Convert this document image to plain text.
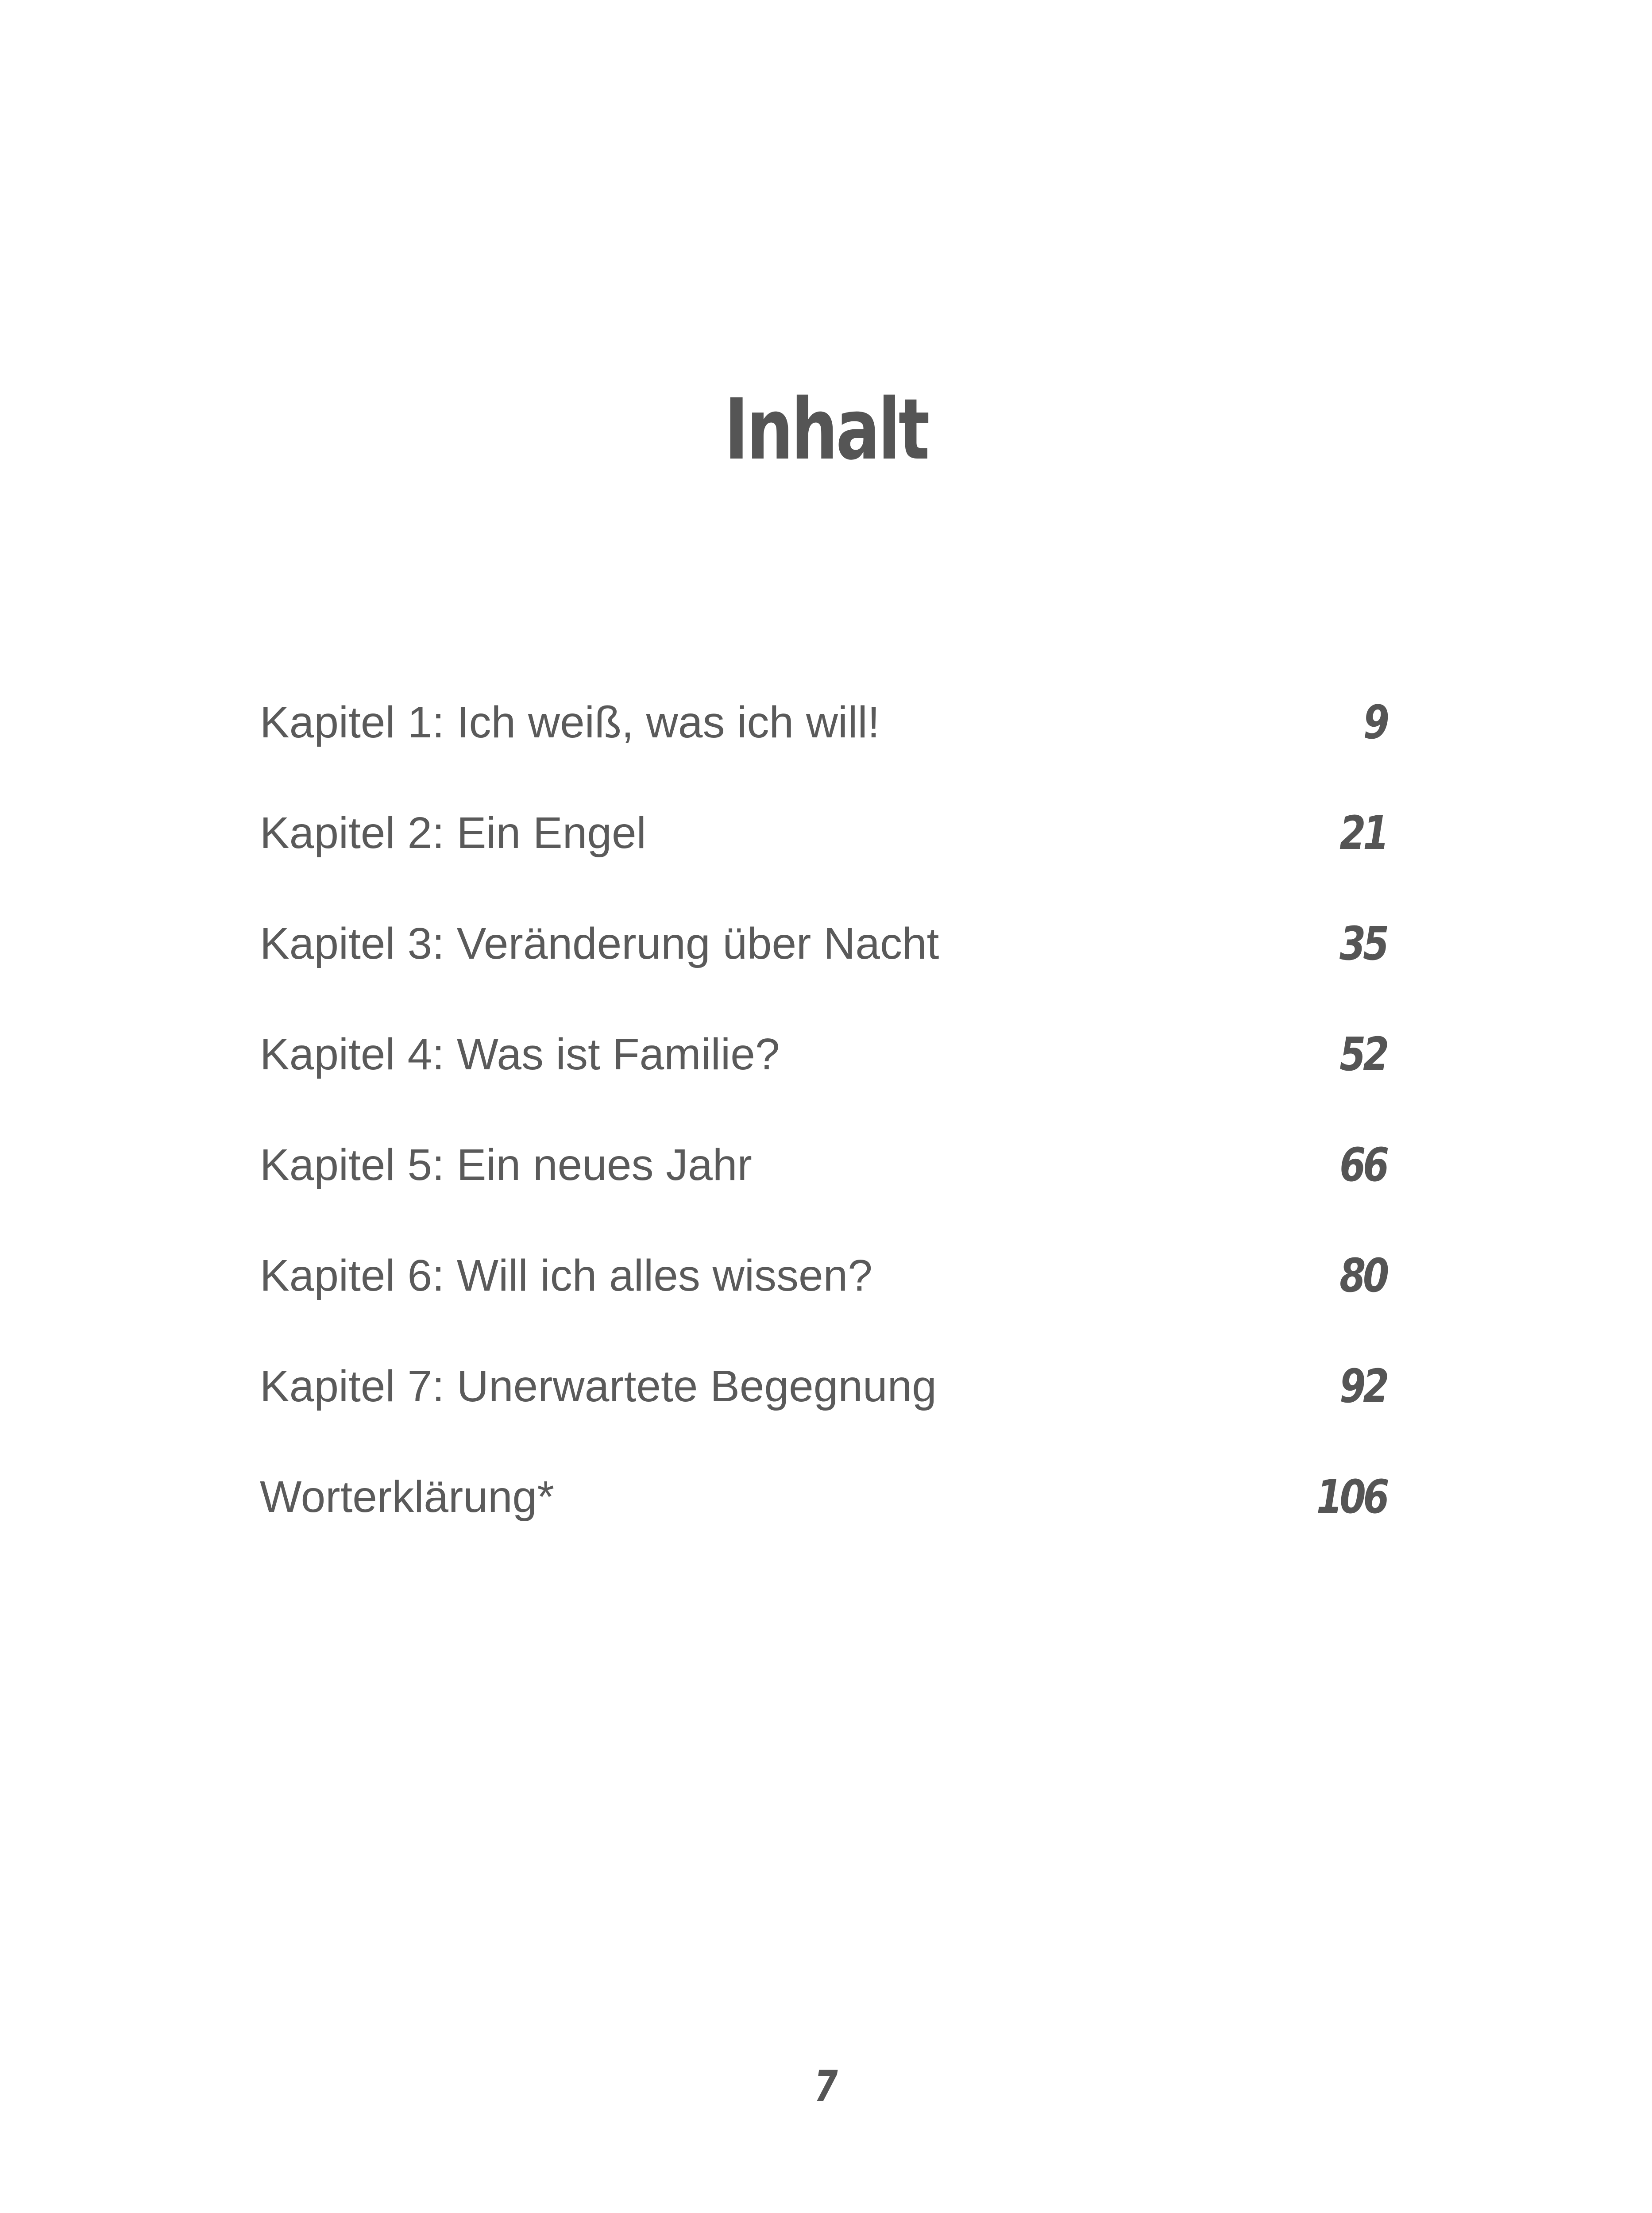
Inhalt
Kapitel 1: Ich weiß, was ich will!	9
Kapitel 2: Ein Engel	21
Kapitel 3: Veränderung über Nacht	35
Kapitel 4: Was ist Familie?	52
Kapitel 5: Ein neues Jahr	66
Kapitel 6: Will ich alles wissen?	80
Kapitel 7: Unerwartete Begegnung	92
Worterklärung*	106
7
